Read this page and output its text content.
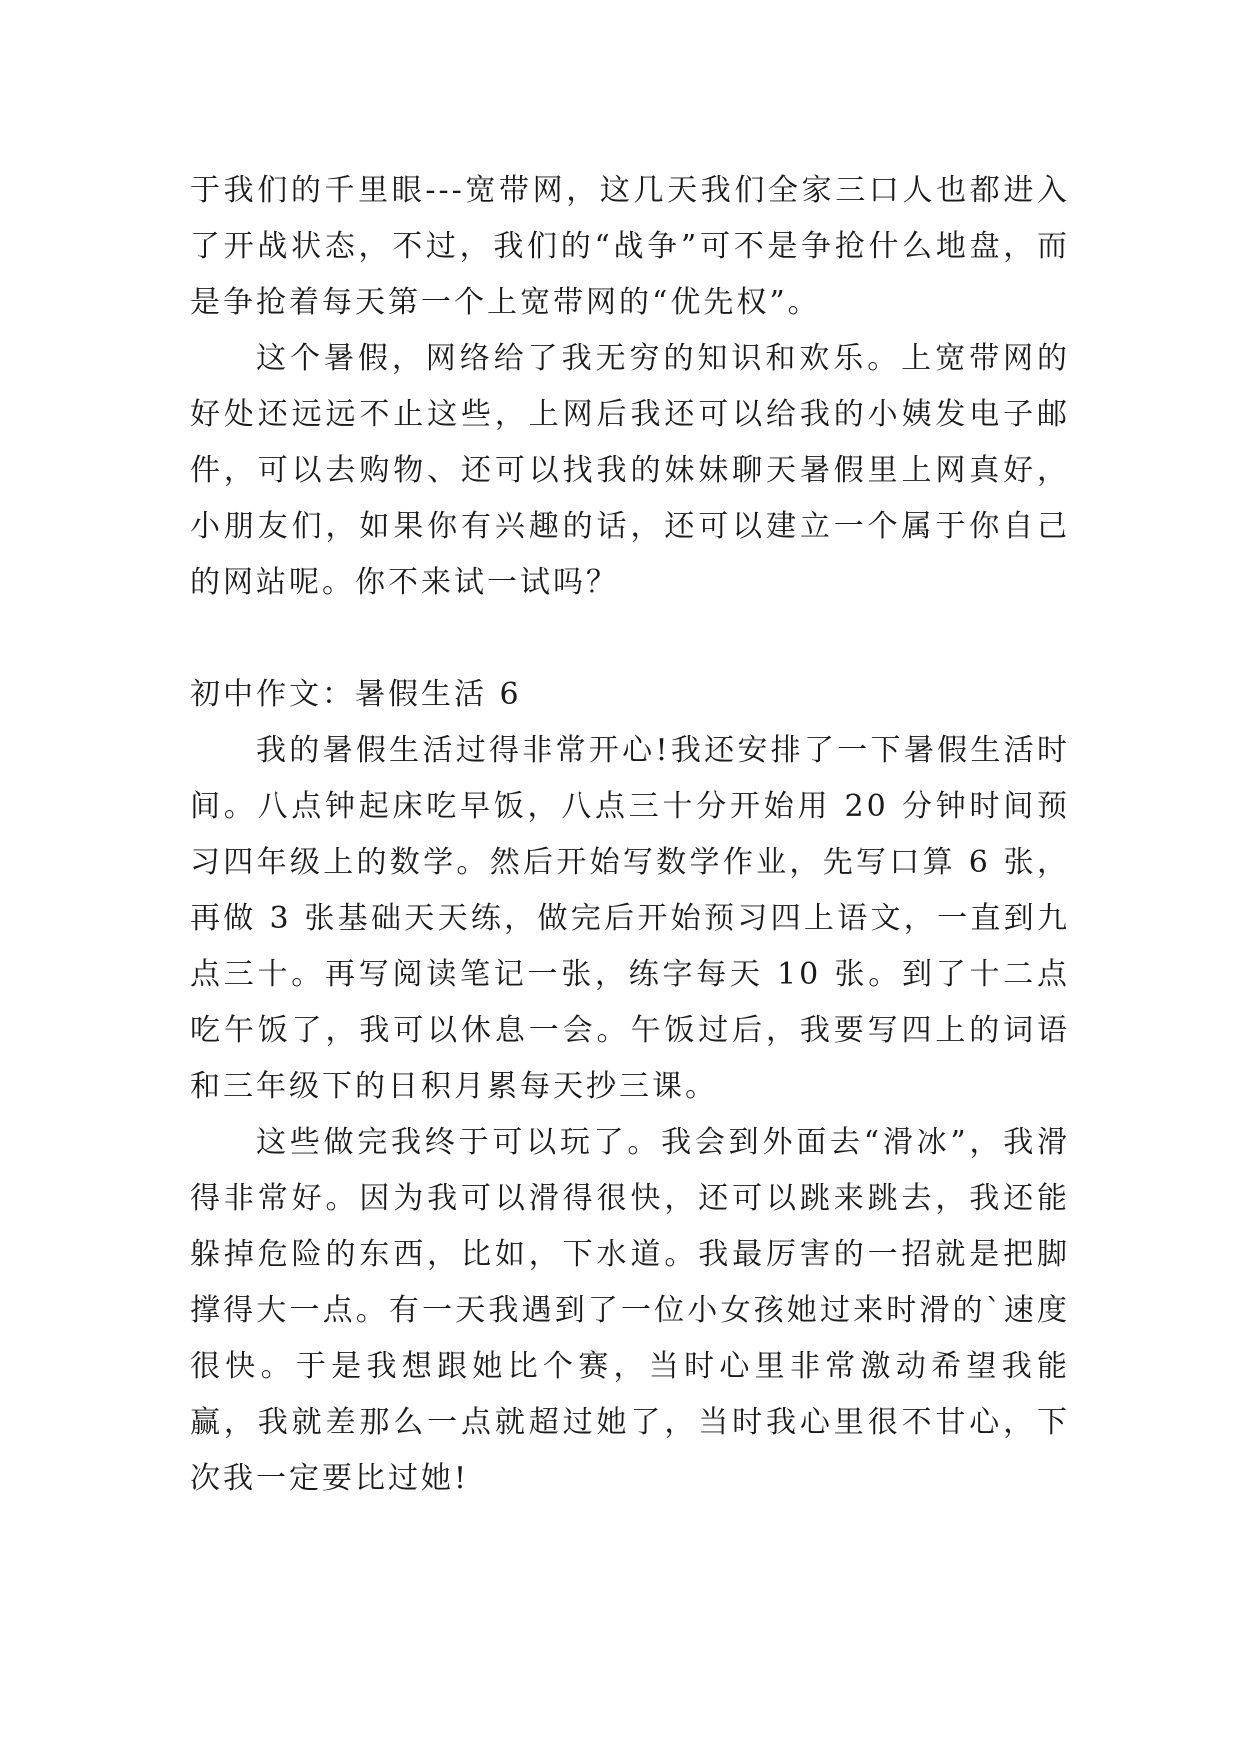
于我们的千里眼---宽带网，这几天我们全家三口人也都进入了开战状态，不过，我们的“战争”可不是争抢什么地盘，而是争抢着每天第一个上宽带网的“优先权”。

这个暑假，网络给了我无穷的知识和欢乐。上宽带网的好处还远远不止这些，上网后我还可以给我的小姨发电子邮件，可以去购物、还可以找我的妹妹聊天暑假里上网真好，小朋友们，如果你有兴趣的话，还可以建立一个属于你自己的网站呢。你不来试一试吗？

初中作文：暑假生活 6

我的暑假生活过得非常开心!我还安排了一下暑假生活时间。八点钟起床吃早饭，八点三十分开始用 20 分钟时间预习四年级上的数学。然后开始写数学作业，先写口算 6 张，再做 3 张基础天天练，做完后开始预习四上语文，一直到九点三十。再写阅读笔记一张，练字每天 10 张。到了十二点吃午饭了，我可以休息一会。午饭过后，我要写四上的词语和三年级下的日积月累每天抄三课。

这些做完我终于可以玩了。我会到外面去“滑冰”，我滑得非常好。因为我可以滑得很快，还可以跳来跳去，我还能躲掉危险的东西，比如，下水道。我最厉害的一招就是把脚撑得大一点。有一天我遇到了一位小女孩她过来时滑的`速度很快。于是我想跟她比个赛，当时心里非常激动希望我能赢，我就差那么一点就超过她了，当时我心里很不甘心，下次我一定要比过她!
